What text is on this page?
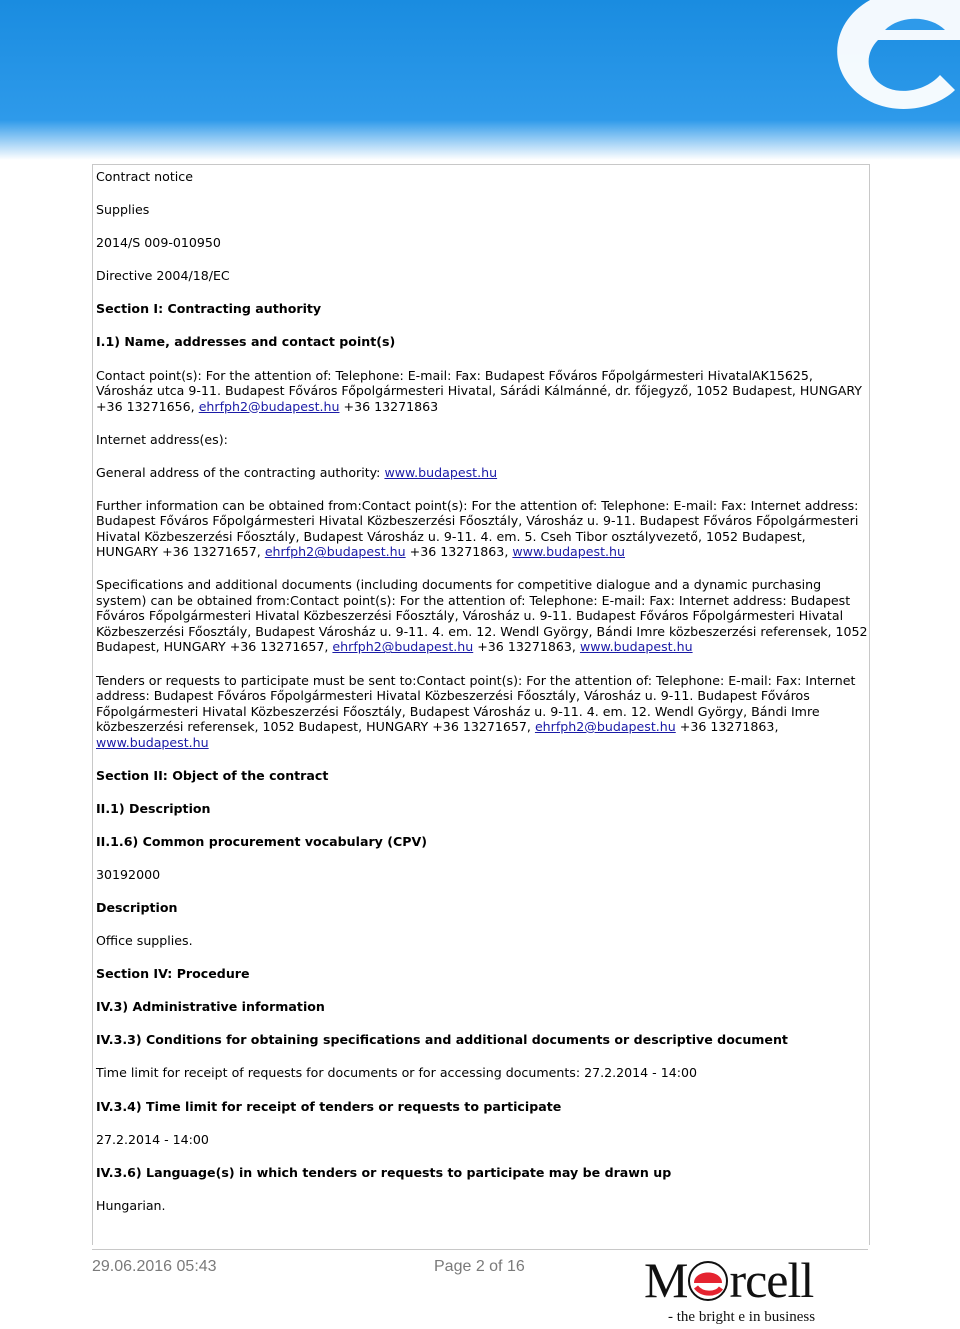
Contract notice

Supplies

2014/S 009-010950

Directive 2004/18/EC

Section I: Contracting authority

I.1) Name, addresses and contact point(s)

Contact point(s): For the attention of: Telephone: E-mail: Fax: Budapest Főváros Főpolgármesteri HivatalAK15625, Városház utca 9-11. Budapest Főváros Főpolgármesteri Hivatal, Sárádi Kálmánné, dr. főjegyző, 1052 Budapest, HUNGARY +36 13271656, ehrfph2@budapest.hu +36 13271863

Internet address(es):

General address of the contracting authority: www.budapest.hu

Further information can be obtained from:Contact point(s): For the attention of: Telephone: E-mail: Fax: Internet address: Budapest Főváros Főpolgármesteri Hivatal Közbeszerzési Főosztály, Városház u. 9-11. Budapest Főváros Főpolgármesteri Hivatal Közbeszerzési Főosztály, Budapest Városház u. 9-11. 4. em. 5. Cseh Tibor osztályvezető, 1052 Budapest, HUNGARY +36 13271657, ehrfph2@budapest.hu +36 13271863, www.budapest.hu

Specifications and additional documents (including documents for competitive dialogue and a dynamic purchasing system) can be obtained from:Contact point(s): For the attention of: Telephone: E-mail: Fax: Internet address: Budapest Főváros Főpolgármesteri Hivatal Közbeszerzési Főosztály, Városház u. 9-11. Budapest Főváros Főpolgármesteri Hivatal Közbeszerzési Főosztály, Budapest Városház u. 9-11. 4. em. 12. Wendl György, Bándi Imre közbeszerzési referensek, 1052 Budapest, HUNGARY +36 13271657, ehrfph2@budapest.hu +36 13271863, www.budapest.hu

Tenders or requests to participate must be sent to:Contact point(s): For the attention of: Telephone: E-mail: Fax: Internet address: Budapest Főváros Főpolgármesteri Hivatal Közbeszerzési Főosztály, Városház u. 9-11. Budapest Főváros Főpolgármesteri Hivatal Közbeszerzési Főosztály, Budapest Városház u. 9-11. 4. em. 12. Wendl György, Bándi Imre közbeszerzési referensek, 1052 Budapest, HUNGARY +36 13271657, ehrfph2@budapest.hu +36 13271863, www.budapest.hu

Section II: Object of the contract

II.1) Description

II.1.6) Common procurement vocabulary (CPV)

30192000

Description

Office supplies.

Section IV: Procedure

IV.3) Administrative information

IV.3.3) Conditions for obtaining specifications and additional documents or descriptive document

Time limit for receipt of requests for documents or for accessing documents: 27.2.2014 - 14:00

IV.3.4) Time limit for receipt of tenders or requests to participate

27.2.2014 - 14:00

IV.3.6) Language(s) in which tenders or requests to participate may be drawn up

Hungarian.

29.06.2016 05:43	Page 2 of 16 M rcell
- the bright e in business
